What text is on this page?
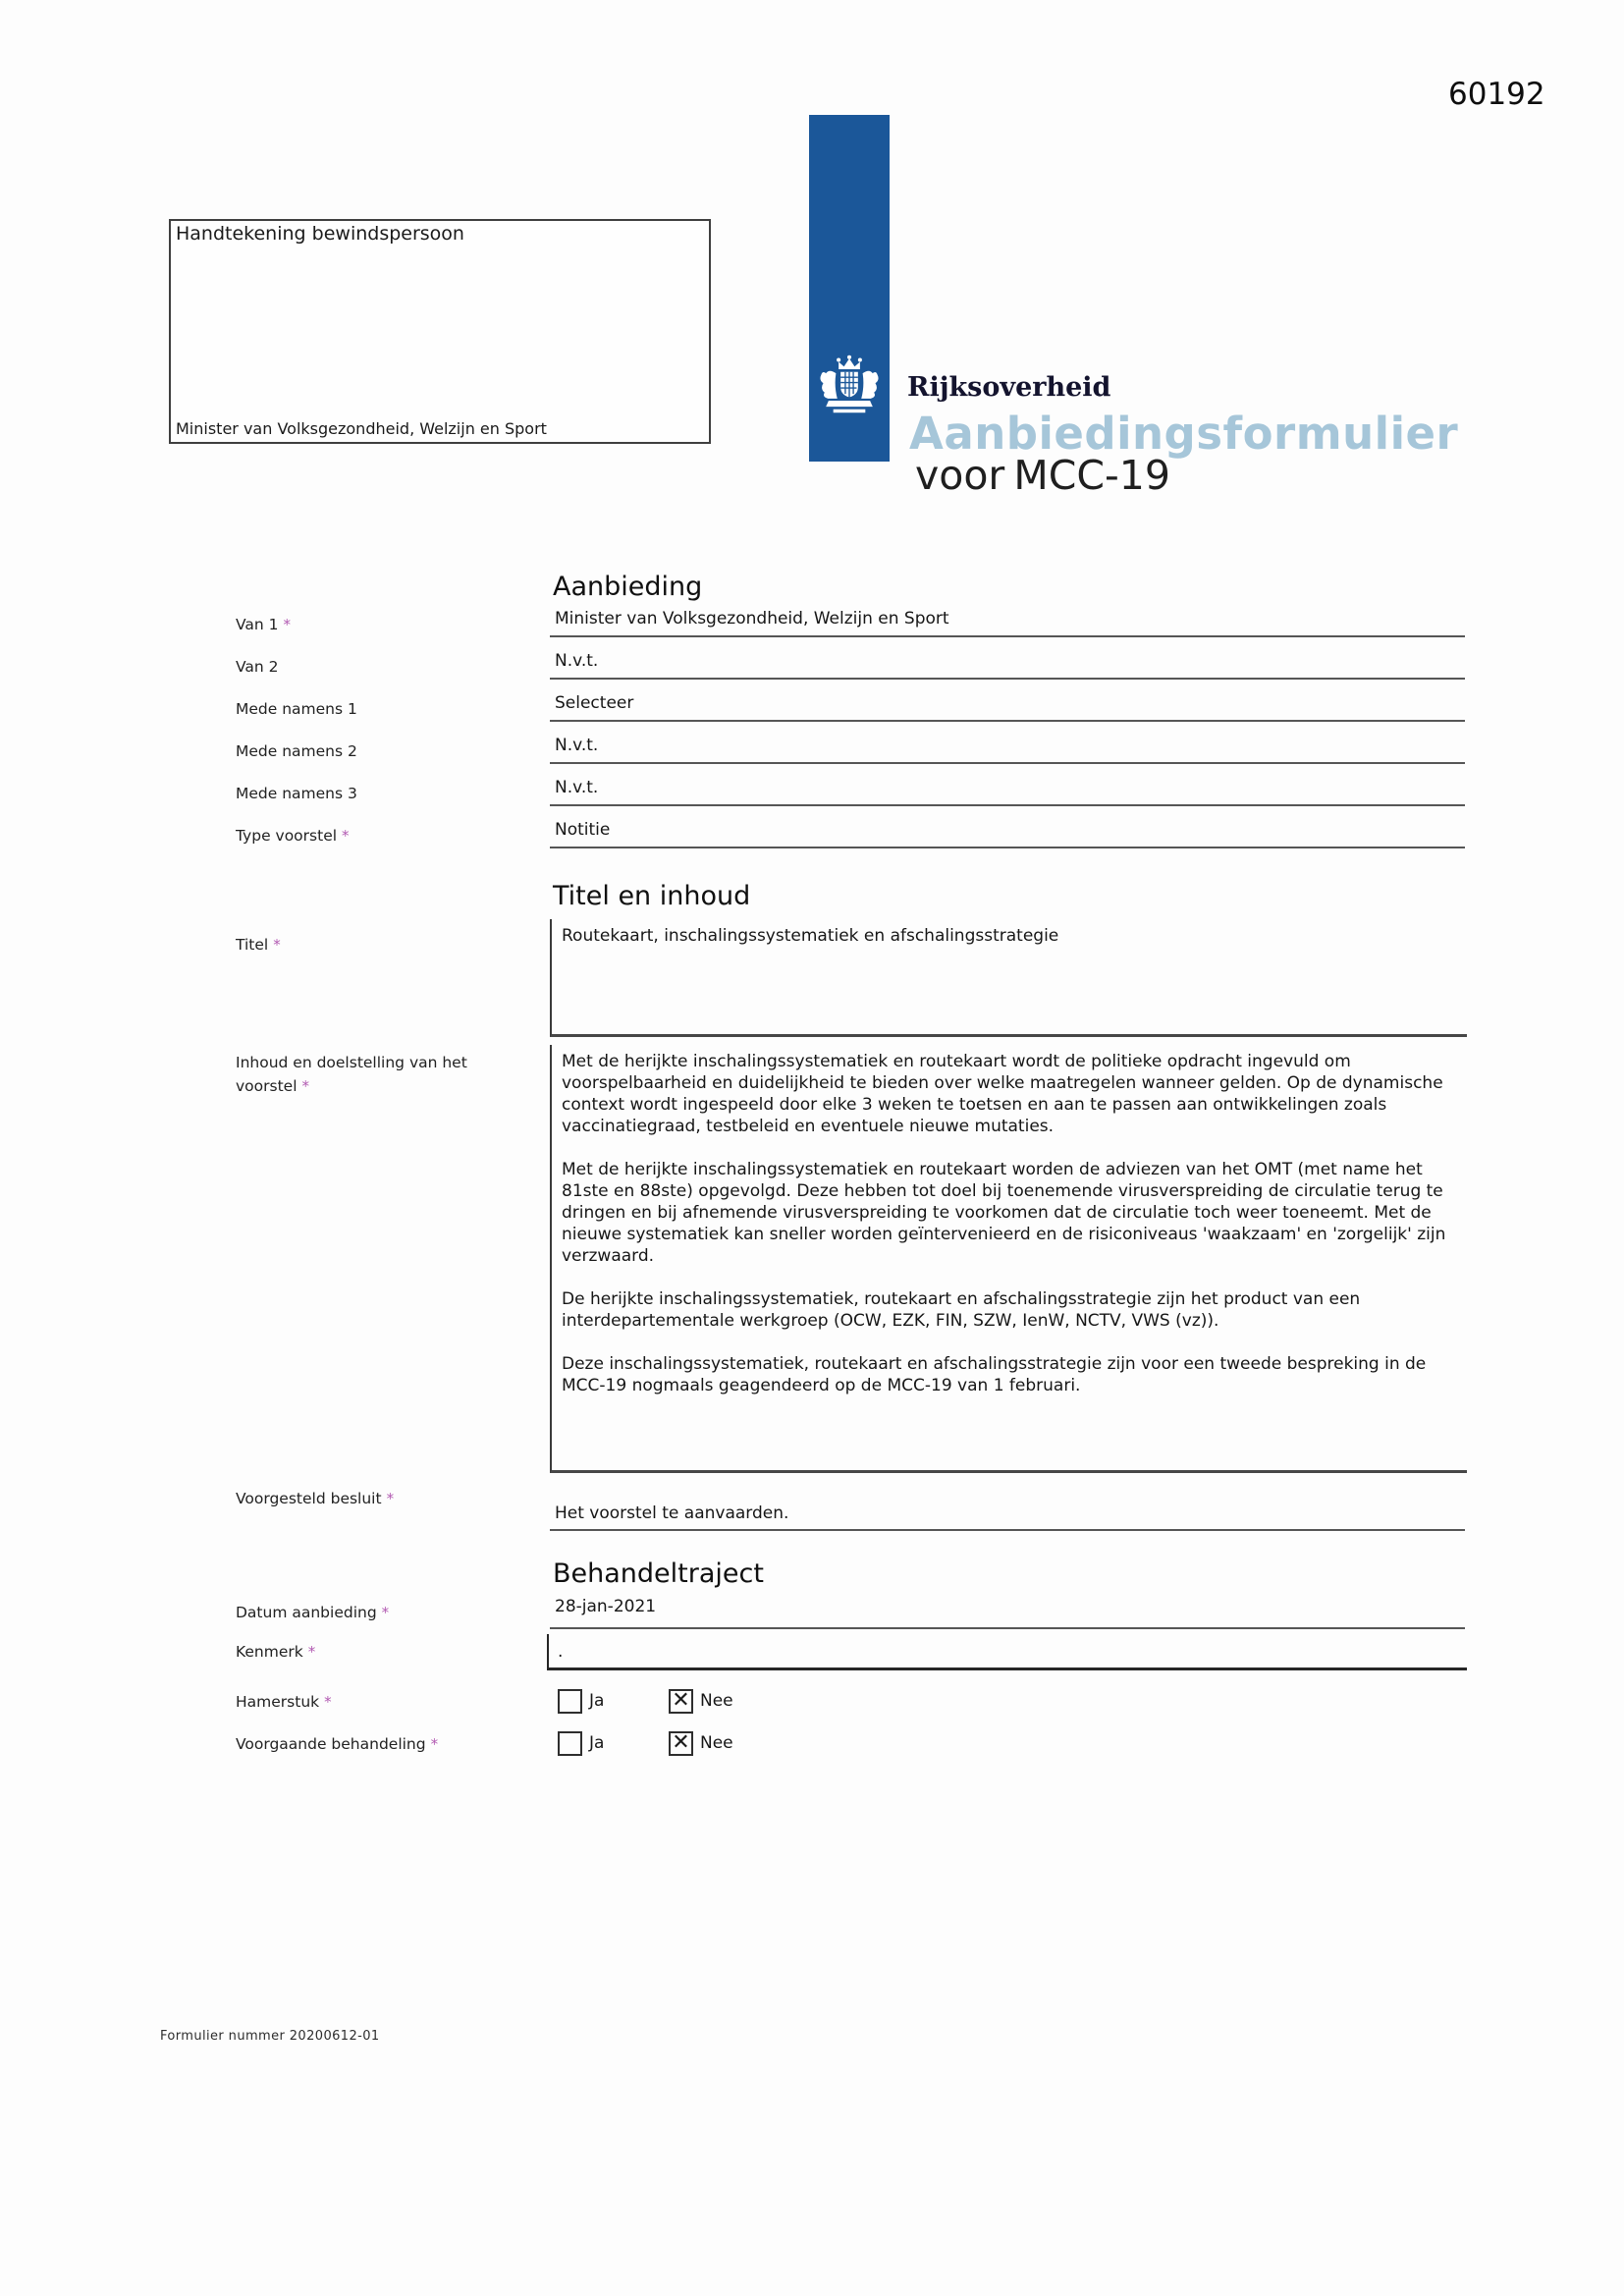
60192
Handtekening bewindspersoon
Minister van Volksgezondheid, Welzijn en Sport
Rijksoverheid
Aanbiedingsformulier
voor MCC-19
Aanbieding
Van 1 *	Minister van Volksgezondheid, Welzijn en Sport
Van 2	N.v.t.
Mede namens 1	Selecteer
Mede namens 2	N.v.t.
Mede namens 3	N.v.t.
Type voorstel *	Notitie
Titel en inhoud
Titel *	Routekaart, inschalingssystematiek en afschalingsstrategie
Inhoud en doelstelling van het voorstel *

Met de herijkte inschalingssystematiek en routekaart wordt de politieke opdracht ingevuld om voorspelbaarheid en duidelijkheid te bieden over welke maatregelen wanneer gelden. Op de dynamische context wordt ingespeeld door elke 3 weken te toetsen en aan te passen aan ontwikkelingen zoals vaccinatiegraad, testbeleid en eventuele nieuwe mutaties.

Met de herijkte inschalingssystematiek en routekaart worden de adviezen van het OMT (met name het 81ste en 88ste) opgevolgd. Deze hebben tot doel bij toenemende virusverspreiding de circulatie terug te dringen en bij afnemende virusverspreiding te voorkomen dat de circulatie toch weer toeneemt. Met de nieuwe systematiek kan sneller worden geïntervenieerd en de risiconiveaus 'waakzaam' en 'zorgelijk' zijn verzwaard.

De herijkte inschalingssystematiek, routekaart en afschalingsstrategie zijn het product van een interdepartementale werkgroep (OCW, EZK, FIN, SZW, IenW, NCTV, VWS (vz)).

Deze inschalingssystematiek, routekaart en afschalingsstrategie zijn voor een tweede bespreking in de MCC-19 nogmaals geagendeerd op de MCC-19 van 1 februari.

Voorgesteld besluit *
Het voorstel te aanvaarden.
Behandeltraject
Datum aanbieding *	28-jan-2021
Kenmerk *	.
Hamerstuk *	Ja	✕ Nee
Voorgaande behandeling *	Ja	✕ Nee
Formulier nummer 20200612-01
